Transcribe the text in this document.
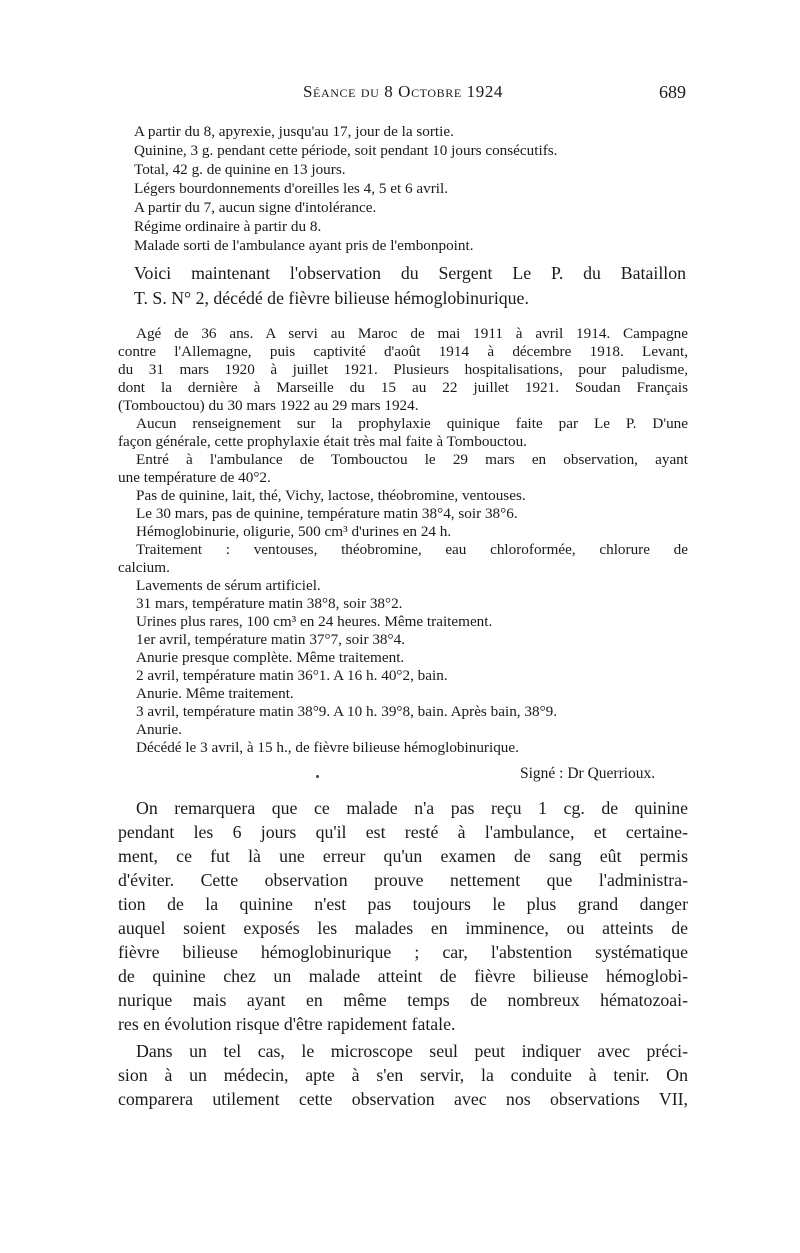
Séance du 8 Octobre 1924	689
A partir du 8, apyrexie, jusqu'au 17, jour de la sortie.
Quinine, 3 g. pendant cette période, soit pendant 10 jours consécutifs.
Total, 42 g. de quinine en 13 jours.
Légers bourdonnements d'oreilles les 4, 5 et 6 avril.
A partir du 7, aucun signe d'intolérance.
Régime ordinaire à partir du 8.
Malade sorti de l'ambulance ayant pris de l'embonpoint.
Voici maintenant l'observation du Sergent Le P. du Bataillon
T. S. N° 2, décédé de fièvre bilieuse hémoglobinurique.
Agé de 36 ans. A servi au Maroc de mai 1911 à avril 1914. Campagne
contre l'Allemagne, puis captivité d'août 1914 à décembre 1918. Levant,
du 31 mars 1920 à juillet 1921. Plusieurs hospitalisations, pour paludisme,
dont la dernière à Marseille du 15 au 22 juillet 1921. Soudan Français
(Tombouctou) du 30 mars 1922 au 29 mars 1924.
Aucun renseignement sur la prophylaxie quinique faite par Le P. D'une
façon générale, cette prophylaxie était très mal faite à Tombouctou.
Entré à l'ambulance de Tombouctou le 29 mars en observation, ayant
une température de 40°2.
Pas de quinine, lait, thé, Vichy, lactose, théobromine, ventouses.
Le 30 mars, pas de quinine, température matin 38°4, soir 38°6.
Hémoglobinurie, oligurie, 500 cm³ d'urines en 24 h.
Traitement : ventouses, théobromine, eau chloroformée, chlorure de
calcium.
Lavements de sérum artificiel.
31 mars, température matin 38°8, soir 38°2.
Urines plus rares, 100 cm³ en 24 heures. Même traitement.
1er avril, température matin 37°7, soir 38°4.
Anurie presque complète. Même traitement.
2 avril, température matin 36°1. A 16 h. 40°2, bain.
Anurie. Même traitement.
3 avril, température matin 38°9. A 10 h. 39°8, bain. Après bain, 38°9.
Anurie.
Décédé le 3 avril, à 15 h., de fièvre bilieuse hémoglobinurique.
Signé : Dr Querrioux.
On remarquera que ce malade n'a pas reçu 1 cg. de quinine
pendant les 6 jours qu'il est resté à l'ambulance, et certaine-
ment, ce fut là une erreur qu'un examen de sang eût permis
d'éviter. Cette observation prouve nettement que l'administra-
tion de la quinine n'est pas toujours le plus grand danger
auquel soient exposés les malades en imminence, ou atteints de
fièvre bilieuse hémoglobinurique ; car, l'abstention systématique
de quinine chez un malade atteint de fièvre bilieuse hémoglobi-
nurique mais ayant en même temps de nombreux hématozoai-
res en évolution risque d'être rapidement fatale.
Dans un tel cas, le microscope seul peut indiquer avec préci-
sion à un médecin, apte à s'en servir, la conduite à tenir. On
comparera utilement cette observation avec nos observations VII,
